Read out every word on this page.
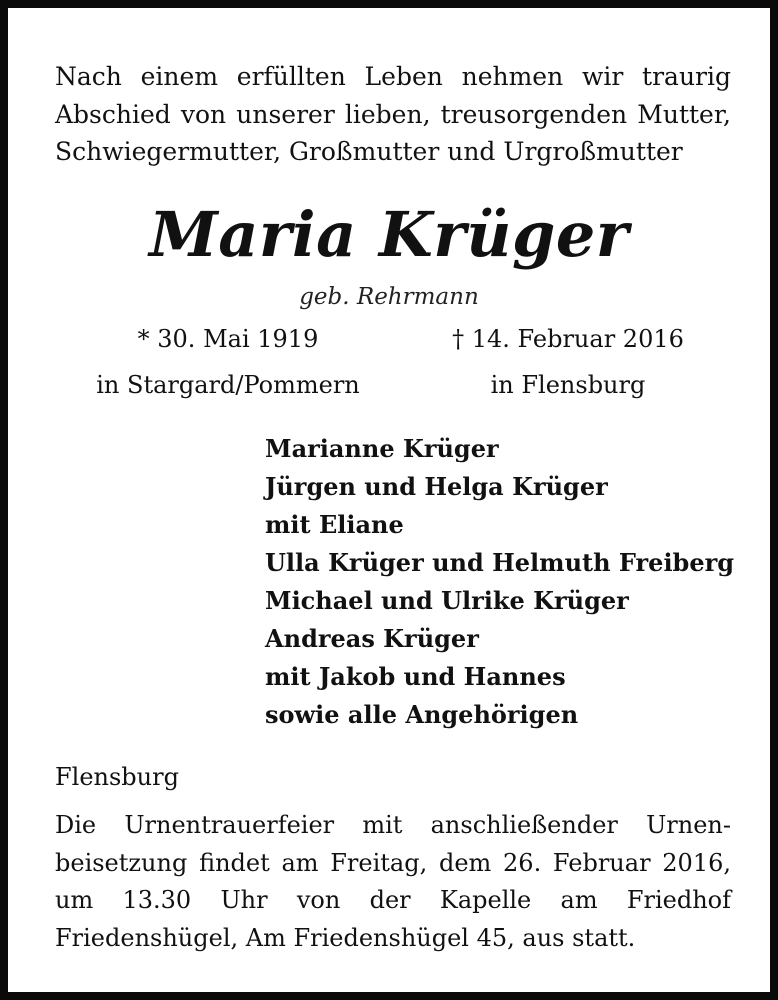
Nach einem erfüllten Leben nehmen wir traurig
Abschied von unserer lieben, treusorgenden Mutter,
Schwiegermutter, Großmutter und Urgroßmutter
Maria Krüger
geb. Rehrmann
* 30. Mai 1919
in Stargard/Pommern
† 14. Februar 2016
in Flensburg
Marianne Krüger
Jürgen und Helga Krüger
mit Eliane
Ulla Krüger und Helmuth Freiberg
Michael und Ulrike Krüger
Andreas Krüger
mit Jakob und Hannes
sowie alle Angehörigen
Flensburg
Die Urnentrauerfeier mit anschließender Urnen-
beisetzung findet am Freitag, dem 26. Februar 2016,
um 13.30 Uhr von der Kapelle am Friedhof
Friedenshügel, Am Friedenshügel 45, aus statt.
